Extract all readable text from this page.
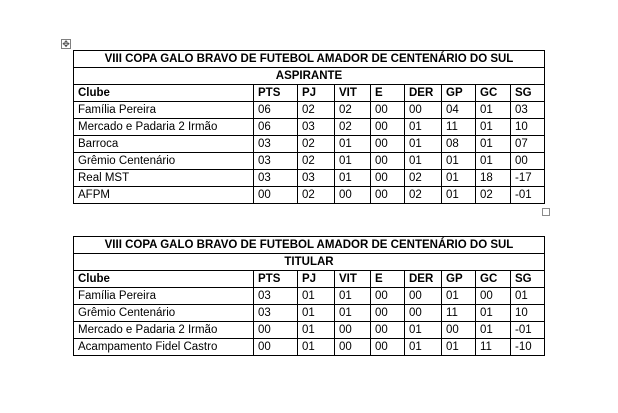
✥
VIII COPA GALO BRAVO DE FUTEBOL AMADOR DE CENTENÁRIO DO SUL								
ASPIRANTE								
Clube	PTS	PJ	VIT	E	DER	GP	GC	SG
Família Pereira	06	02	02	00	00	04	01	03
Mercado e Padaria 2 Irmão	06	03	02	00	01	11	01	10
Barroca	03	02	01	00	01	08	01	07
Grêmio Centenário	03	02	01	00	01	01	01	00
Real MST	03	03	01	00	02	01	18	-17
AFPM	00	02	00	00	02	01	02	-01
VIII COPA GALO BRAVO DE FUTEBOL AMADOR DE CENTENÁRIO DO SUL								
TITULAR								
Clube	PTS	PJ	VIT	E	DER	GP	GC	SG
Família Pereira	03	01	01	00	00	01	00	01
Grêmio Centenário	03	01	01	00	00	11	01	10
Mercado e Padaria 2 Irmão	00	01	00	00	01	00	01	-01
Acampamento Fidel Castro	00	01	00	00	01	01	11	-10
